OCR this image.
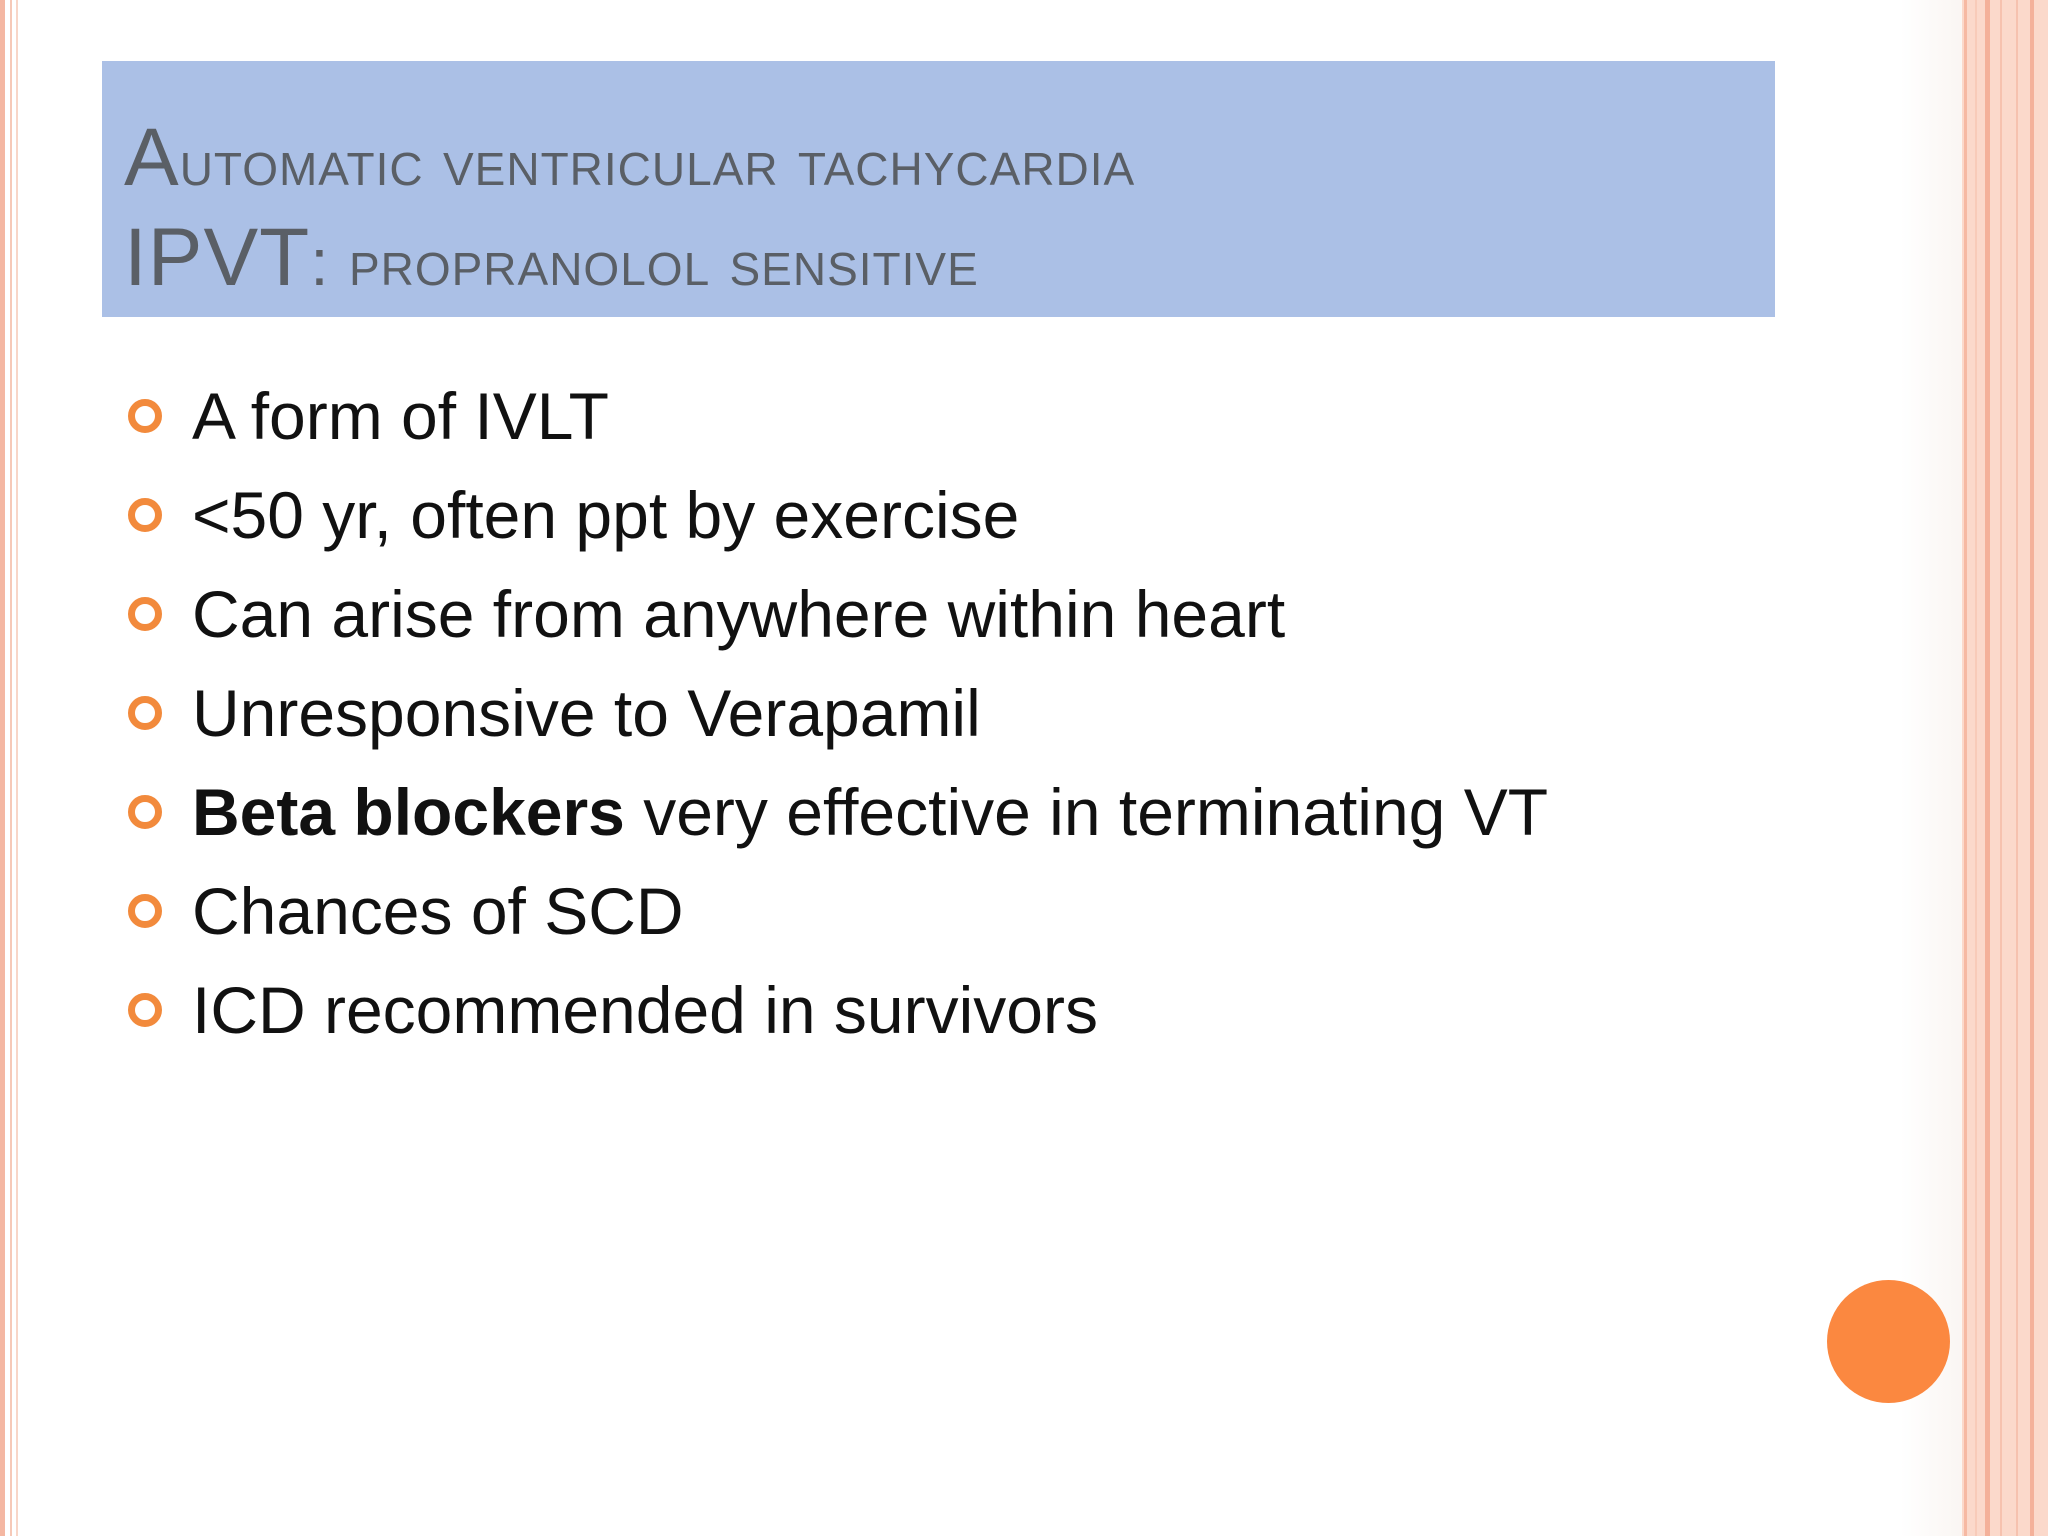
Automatic ventricular tachycardia
IPVT: propranolol sensitive
A form of IVLT
<50 yr, often ppt by exercise
Can arise from anywhere within heart
Unresponsive to Verapamil
Beta blockers very effective in terminating VT
Chances of SCD
ICD recommended in survivors
